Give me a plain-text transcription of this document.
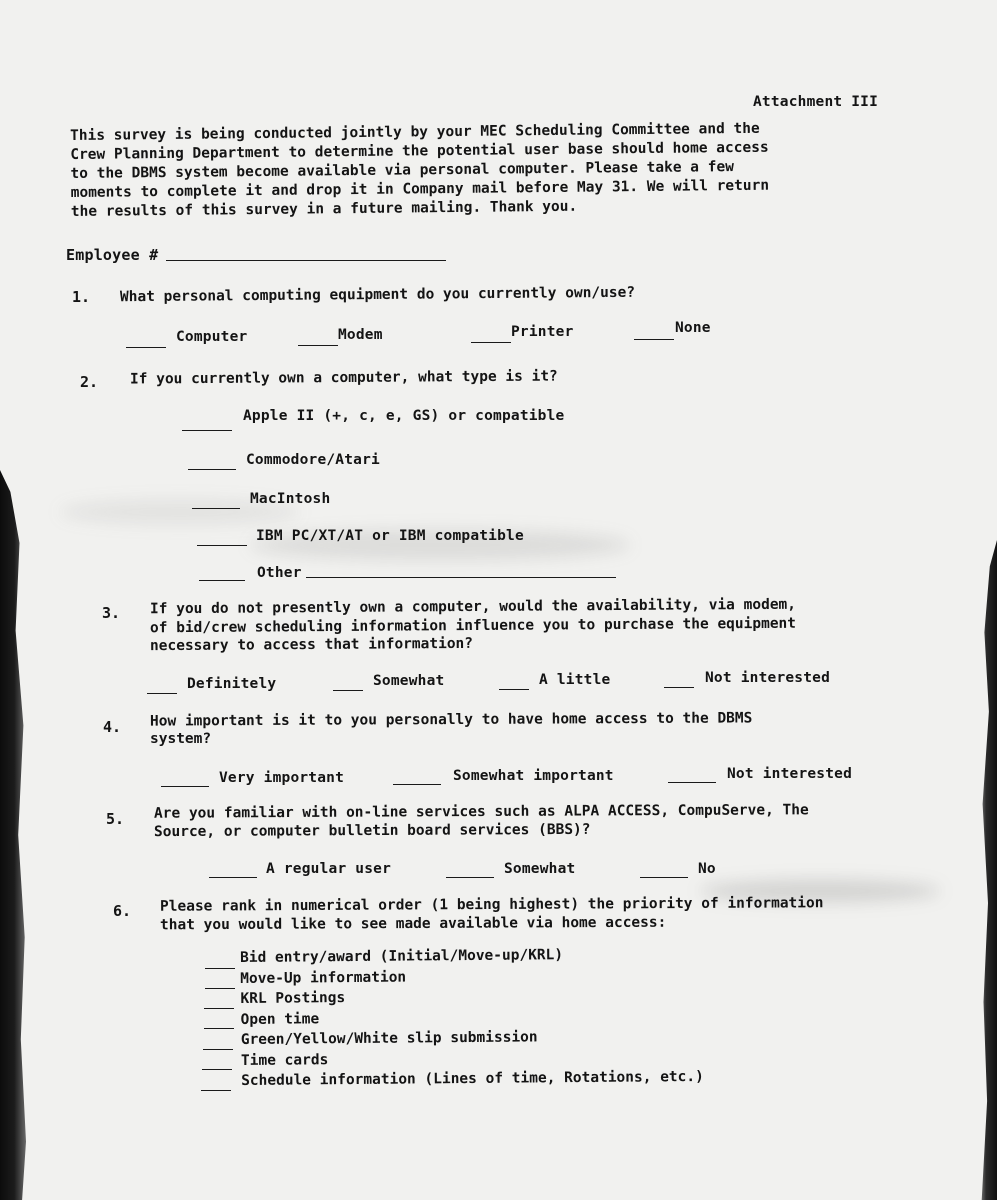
Attachment III
This survey is being conducted jointly by your MEC Scheduling Committee and the
Crew Planning Department to determine the potential user base should home access
to the DBMS system become available via personal computer. Please take a few
moments to complete it and drop it in Company mail before May 31. We will return
the results of this survey in a future mailing. Thank you.
Employee #
1. What personal computing equipment do you currently own/use?
Computer	Modem	Printer	None
2. If you currently own a computer, what type is it?
Apple II (+, c, e, GS) or compatible
Commodore/Atari
MacIntosh
IBM PC/XT/AT or IBM compatible
Other
3. If you do not presently own a computer, would the availability, via modem,
of bid/crew scheduling information influence you to purchase the equipment
necessary to access that information?
Definitely	Somewhat	A little	Not interested
4. How important is it to you personally to have home access to the DBMS
system?
Very important	Somewhat important	Not interested
5. Are you familiar with on-line services such as ALPA ACCESS, CompuServe, The
Source, or computer bulletin board services (BBS)?
A regular user	Somewhat	No
6. Please rank in numerical order (1 being highest) the priority of information
that you would like to see made available via home access:
Bid entry/award (Initial/Move-up/KRL)
Move-Up information
KRL Postings
Open time
Green/Yellow/White slip submission
Time cards
Schedule information (Lines of time, Rotations, etc.)
